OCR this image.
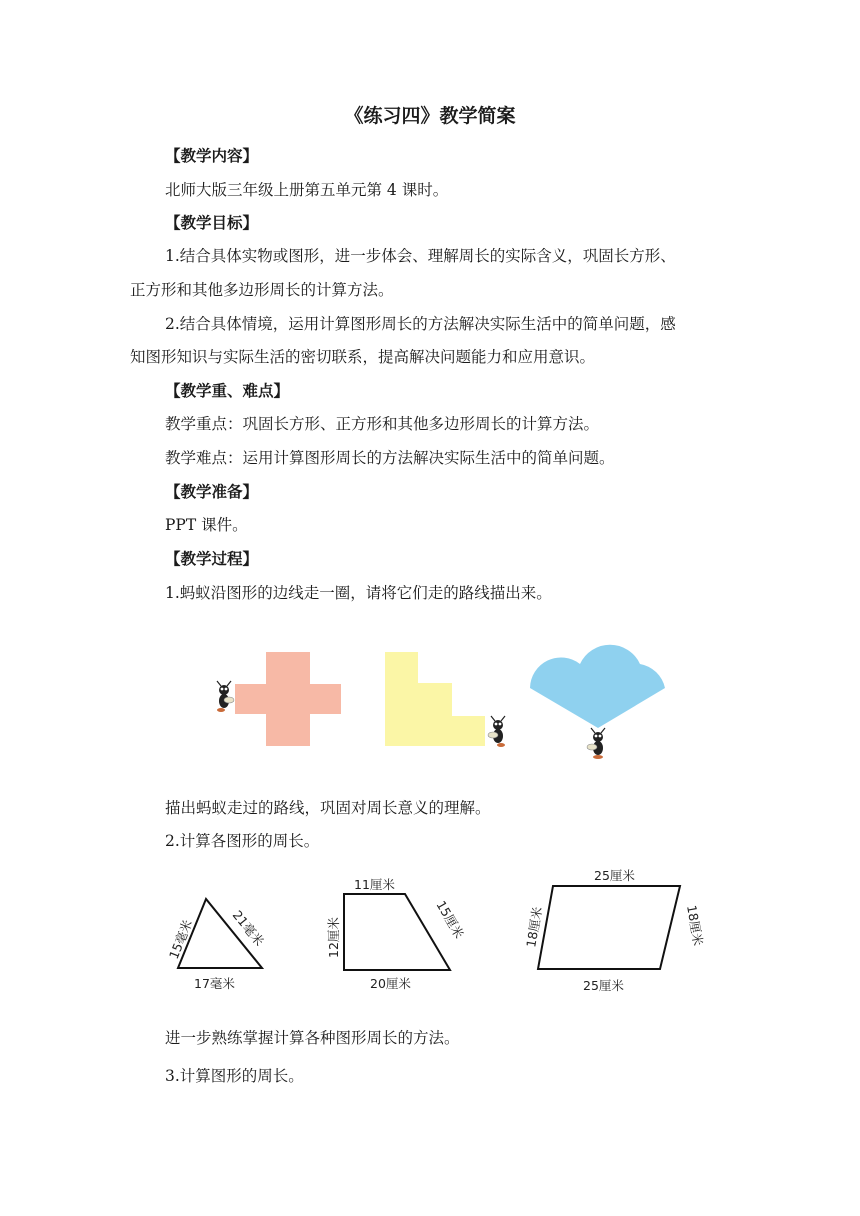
《练习四》教学简案
【教学内容】
北师大版三年级上册第五单元第 4 课时。
【教学目标】
1.结合具体实物或图形，进一步体会、理解周长的实际含义，巩固长方形、
正方形和其他多边形周长的计算方法。
2.结合具体情境，运用计算图形周长的方法解决实际生活中的简单问题，感
知图形知识与实际生活的密切联系，提高解决问题能力和应用意识。
【教学重、难点】
教学重点：巩固长方形、正方形和其他多边形周长的计算方法。
教学难点：运用计算图形周长的方法解决实际生活中的简单问题。
【教学准备】
PPT 课件。
【教学过程】
1.蚂蚁沿图形的边线走一圈，请将它们走的路线描出来。
描出蚂蚁走过的路线，巩固对周长意义的理解。
2.计算各图形的周长。
15毫米	21毫米
17毫米
11厘米
12厘米	15厘米
20厘米
25厘米
18厘米	18厘米
25厘米
进一步熟练掌握计算各种图形周长的方法。
3.计算图形的周长。
